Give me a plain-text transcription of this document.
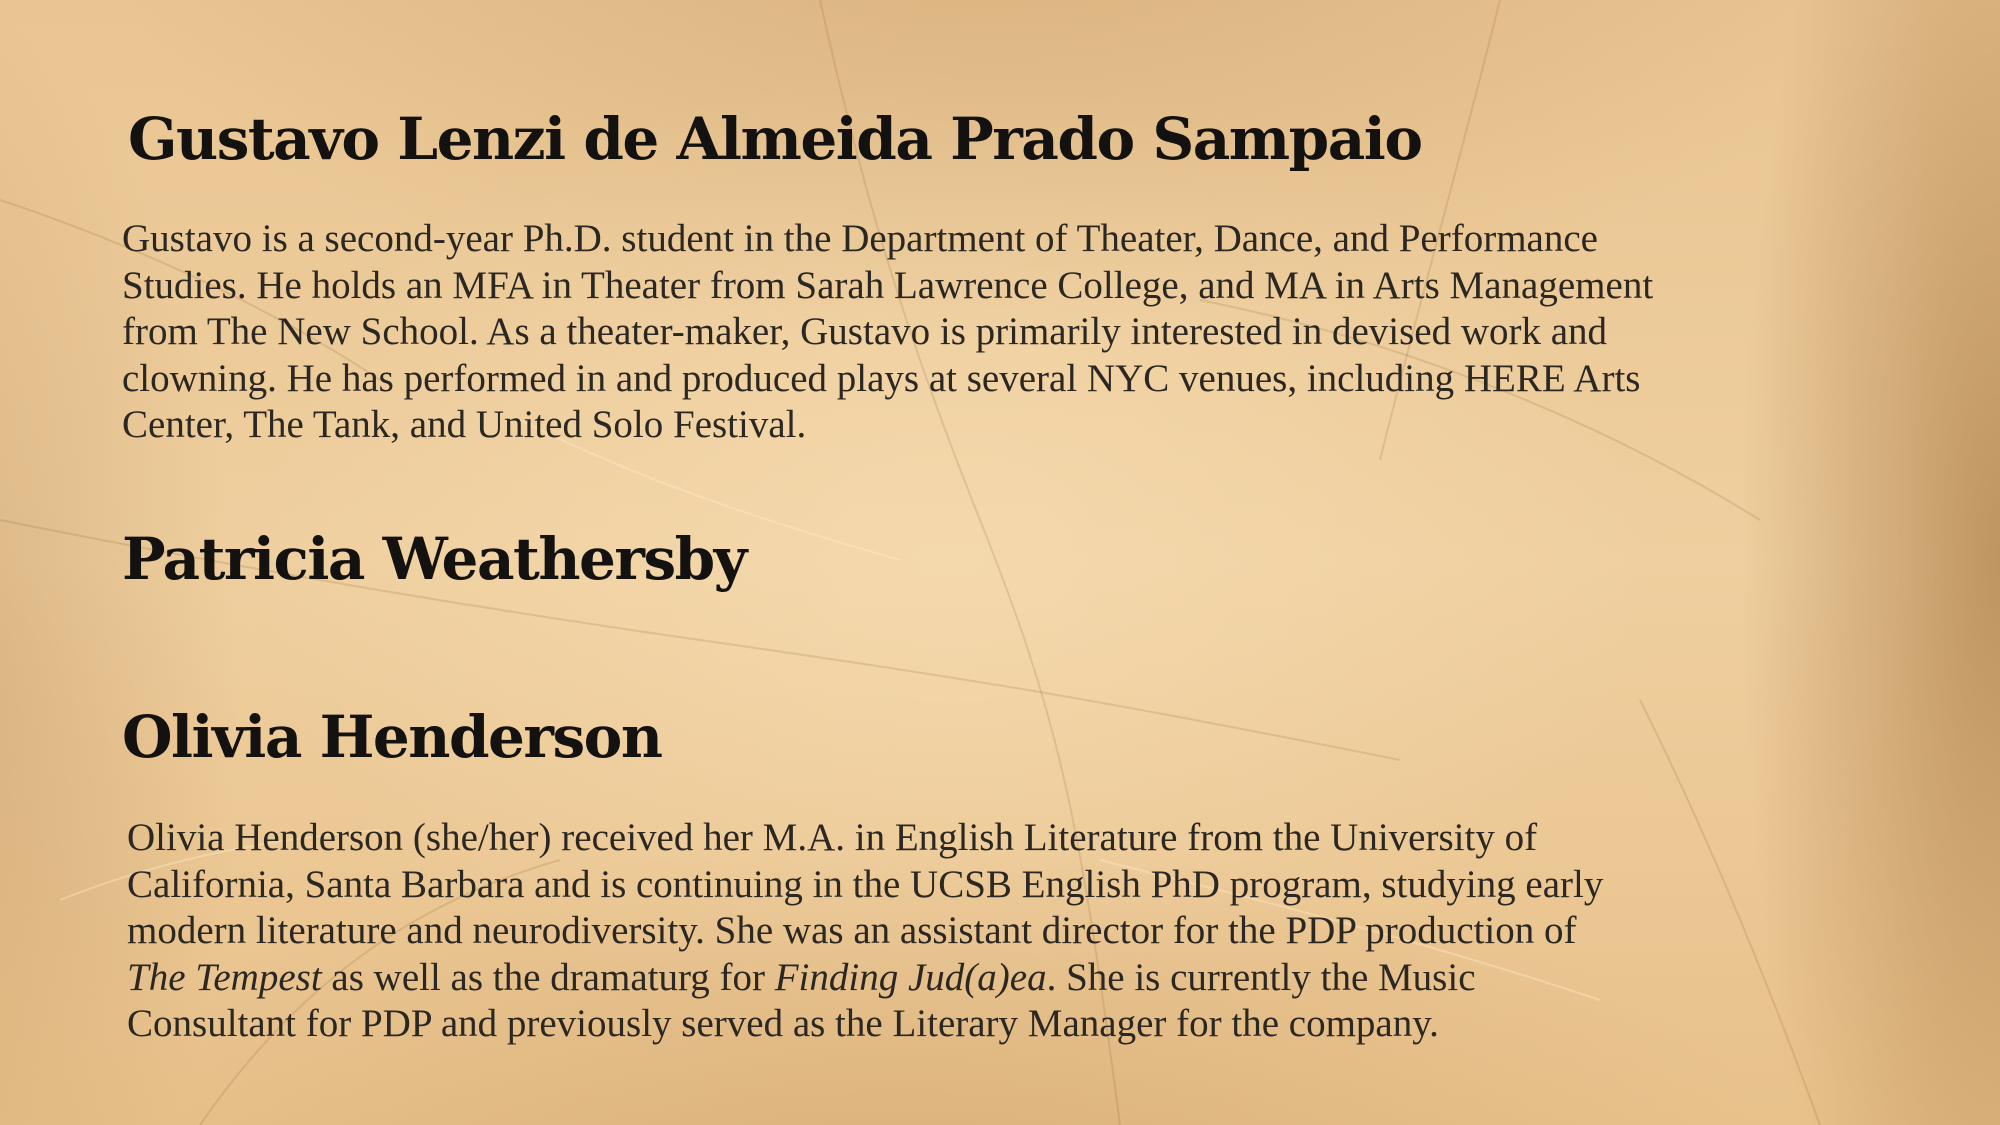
Gustavo Lenzi de Almeida Prado Sampaio

Gustavo is a second-year Ph.D. student in the Department of Theater, Dance, and Performance
Studies. He holds an MFA in Theater from Sarah Lawrence College, and MA in Arts Management
from The New School. As a theater-maker, Gustavo is primarily interested in devised work and
clowning. He has performed in and produced plays at several NYC venues, including HERE Arts
Center, The Tank, and United Solo Festival.

Patricia Weathersby
Olivia Henderson

Olivia Henderson (she/her) received her M.A. in English Literature from the University of
California, Santa Barbara and is continuing in the UCSB English PhD program, studying early
modern literature and neurodiversity. She was an assistant director for the PDP production of
The Tempest as well as the dramaturg for Finding Jud(a)ea. She is currently the Music
Consultant for PDP and previously served as the Literary Manager for the company.
